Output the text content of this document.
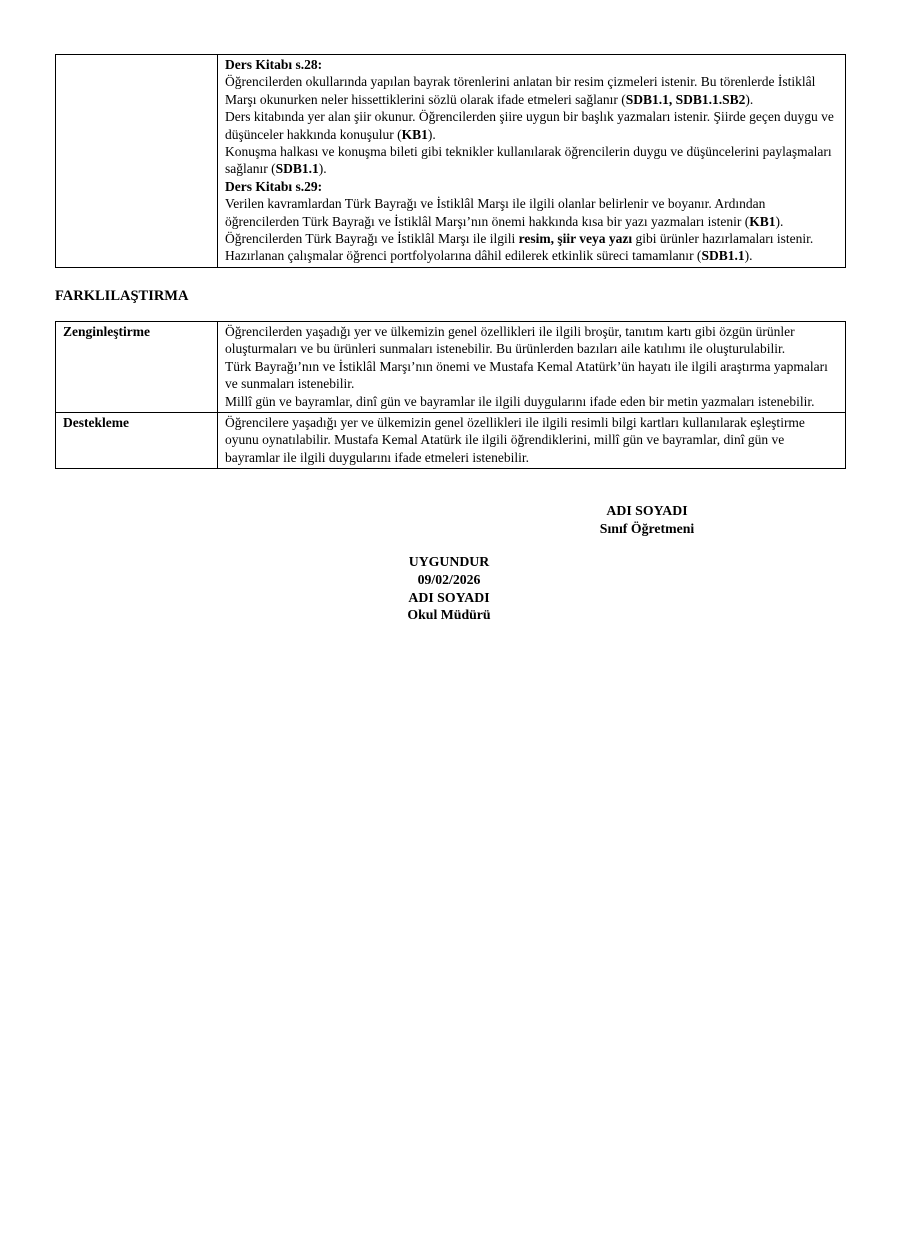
Ders Kitabı s.28:
Öğrencilerden okullarında yapılan bayrak törenlerini anlatan bir resim çizmeleri istenir. Bu törenlerde İstiklâl Marşı okunurken neler hissettiklerini sözlü olarak ifade etmeleri sağlanır (SDB1.1, SDB1.1.SB2).
Ders kitabında yer alan şiir okunur. Öğrencilerden şiire uygun bir başlık yazmaları istenir. Şiirde geçen duygu ve düşünceler hakkında konuşulur (KB1).
Konuşma halkası ve konuşma bileti gibi teknikler kullanılarak öğrencilerin duygu ve düşüncelerini paylaşmaları sağlanır (SDB1.1).
Ders Kitabı s.29:
Verilen kavramlardan Türk Bayrağı ve İstiklâl Marşı ile ilgili olanlar belirlenir ve boyanır. Ardından öğrencilerden Türk Bayrağı ve İstiklâl Marşı’nın önemi hakkında kısa bir yazı yazmaları istenir (KB1).
Öğrencilerden Türk Bayrağı ve İstiklâl Marşı ile ilgili resim, şiir veya yazı gibi ürünler hazırlamaları istenir. Hazırlanan çalışmalar öğrenci portfolyolarına dâhil edilerek etkinlik süreci tamamlanır (SDB1.1).
FARKLILAŞTIRMA
Zenginleştirme	Öğrencilerden yaşadığı yer ve ülkemizin genel özellikleri ile ilgili broşür, tanıtım kartı gibi özgün ürünler oluşturmaları ve bu ürünleri sunmaları istenebilir. Bu ürünlerden bazıları aile katılımı ile oluşturulabilir.
Türk Bayrağı’nın ve İstiklâl Marşı’nın önemi ve Mustafa Kemal Atatürk’ün hayatı ile ilgili araştırma yapmaları ve sunmaları istenebilir.
Millî gün ve bayramlar, dinî gün ve bayramlar ile ilgili duygularını ifade eden bir metin yazmaları istenebilir.

Destekleme	Öğrencilere yaşadığı yer ve ülkemizin genel özellikleri ile ilgili resimli bilgi kartları kullanılarak eşleştirme oyunu oynatılabilir. Mustafa Kemal Atatürk ile ilgili öğrendiklerini, millî gün ve bayramlar, dinî gün ve bayramlar ile ilgili duygularını ifade etmeleri istenebilir.
ADI SOYADI
Sınıf Öğretmeni
UYGUNDUR
09/02/2026
ADI SOYADI
Okul Müdürü
